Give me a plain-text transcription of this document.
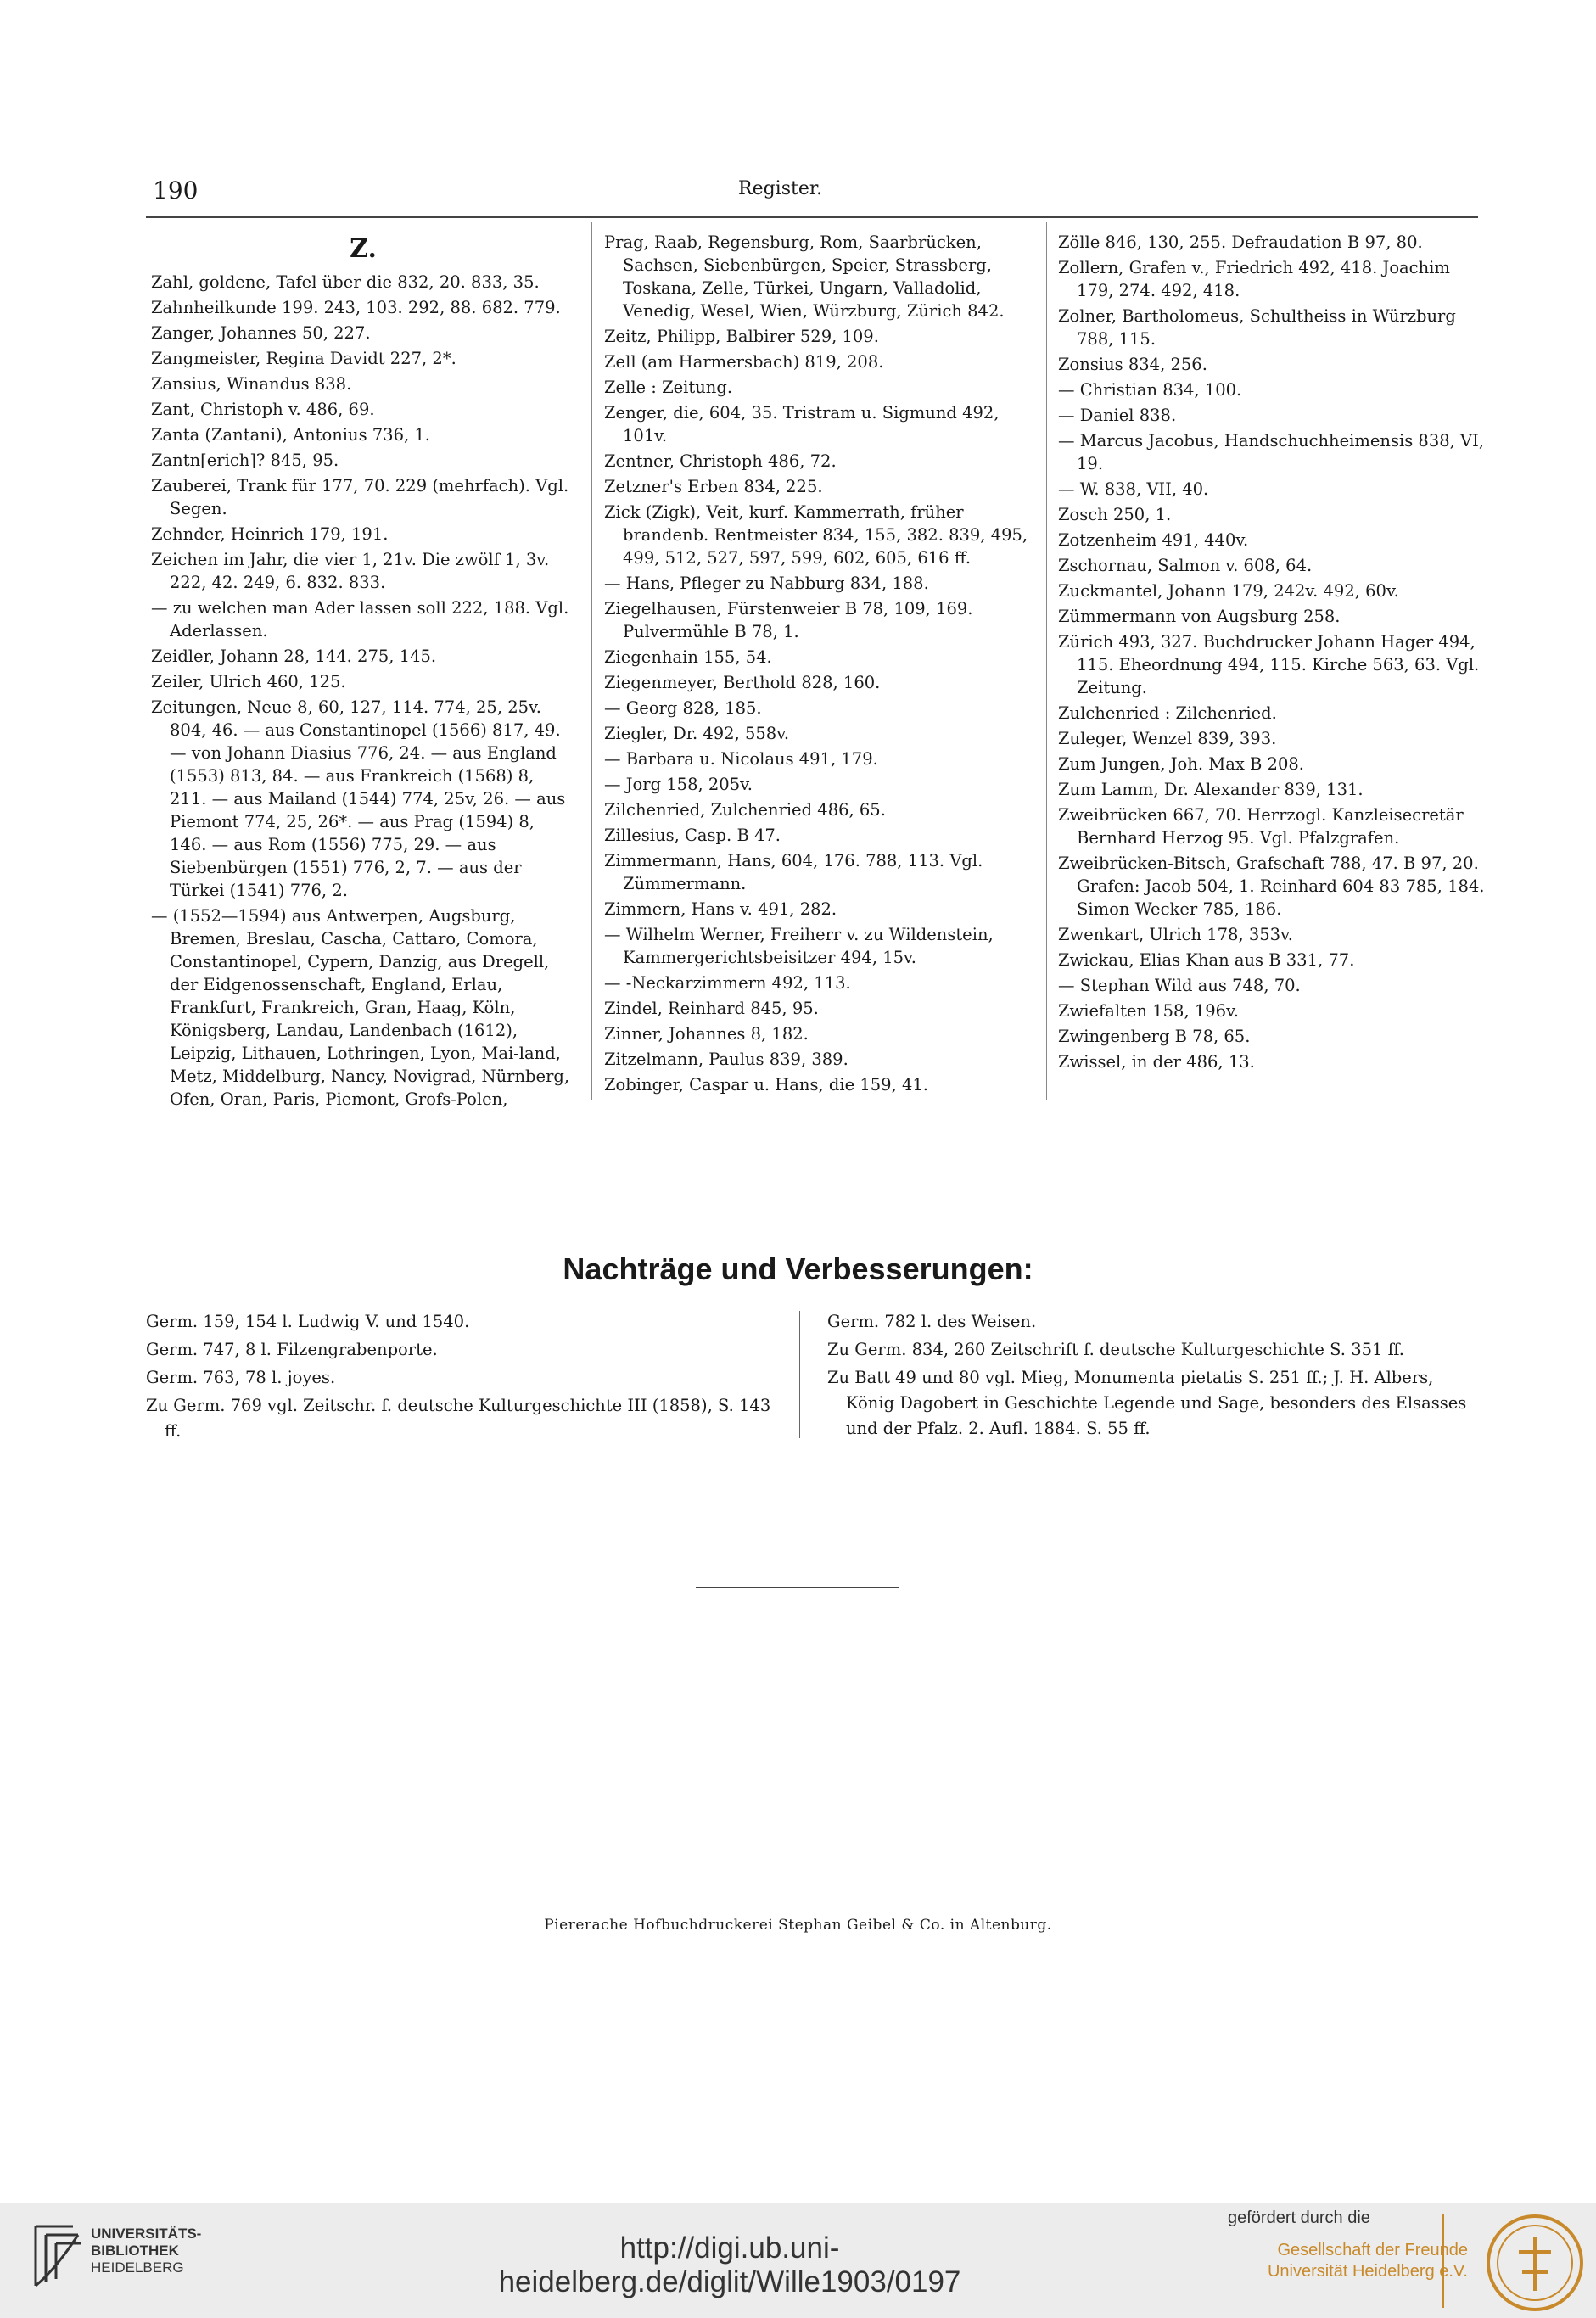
190	Register.
Z.
Zahl, goldene, Tafel über die 832, 20. 833, 35.
Zahnheilkunde 199. 243, 103. 292, 88. 682. 779.
Zanger, Johannes 50, 227.
Zangmeister, Regina Davidt 227, 2*.
Zansius, Winandus 838.
Zant, Christoph v. 486, 69.
Zanta (Zantani), Antonius 736, 1.
Zantn[erich]? 845, 95.
Zauberei, Trank für 177, 70. 229 (mehrfach). Vgl. Segen.
Zehnder, Heinrich 179, 191.
Zeichen im Jahr, die vier 1, 21v. Die zwölf 1, 3v. 222, 42. 249, 6. 832. 833.
— zu welchen man Ader lassen soll 222, 188. Vgl. Aderlassen.
Zeidler, Johann 28, 144. 275, 145.
Zeiler, Ulrich 460, 125.
Zeitungen, Neue 8, 60, 127, 114. 774, 25, 25v. 804, 46. — aus Constantinopel (1566) 817, 49. — von Johann Diasius 776, 24. — aus England (1553) 813, 84. — aus Frankreich (1568) 8, 211. — aus Mailand (1544) 774, 25v, 26. — aus Piemont 774, 25, 26*. — aus Prag (1594) 8, 146. — aus Rom (1556) 775, 29. — aus Siebenbürgen (1551) 776, 2, 7. — aus der Türkei (1541) 776, 2.
— (1552—1594) aus Antwerpen, Augsburg, Bremen, Breslau, Cascha, Cattaro, Comora, Constantinopel, Cypern, Danzig, aus Dregell, der Eidgenossenschaft, England, Erlau, Frankfurt, Frankreich, Gran, Haag, Köln, Königsberg, Landau, Landenbach (1612), Leipzig, Lithauen, Lothringen, Lyon, Mai-land, Metz, Middelburg, Nancy, Novigrad, Nürnberg, Ofen, Oran, Paris, Piemont, Grofs-Polen,
Prag, Raab, Regensburg, Rom, Saarbrücken, Sachsen, Siebenbürgen, Speier, Strassberg, Toskana, Zelle, Türkei, Ungarn, Valladolid, Venedig, Wesel, Wien, Würzburg, Zürich 842.
Zeitz, Philipp, Balbirer 529, 109.
Zell (am Harmersbach) 819, 208.
Zelle : Zeitung.
Zenger, die, 604, 35. Tristram u. Sigmund 492, 101v.
Zentner, Christoph 486, 72.
Zetzner's Erben 834, 225.
Zick (Zigk), Veit, kurf. Kammerrath, früher brandenb. Rentmeister 834, 155, 382. 839, 495, 499, 512, 527, 597, 599, 602, 605, 616 ff.
— Hans, Pfleger zu Nabburg 834, 188.
Ziegelhausen, Fürstenweier B 78, 109, 169. Pulvermühle B 78, 1.
Ziegenhain 155, 54.
Ziegenmeyer, Berthold 828, 160.
— Georg 828, 185.
Ziegler, Dr. 492, 558v.
— Barbara u. Nicolaus 491, 179.
— Jorg 158, 205v.
Zilchenried, Zulchenried 486, 65.
Zillesius, Casp. B 47.
Zimmermann, Hans, 604, 176. 788, 113. Vgl. Zümmermann.
Zimmern, Hans v. 491, 282.
— Wilhelm Werner, Freiherr v. zu Wildenstein, Kammergerichtsbeisitzer 494, 15v.
— -Neckarzimmern 492, 113.
Zindel, Reinhard 845, 95.
Zinner, Johannes 8, 182.
Zitzelmann, Paulus 839, 389.
Zobinger, Caspar u. Hans, die 159, 41.
Zölle 846, 130, 255. Defraudation B 97, 80.
Zollern, Grafen v., Friedrich 492, 418. Joachim 179, 274. 492, 418.
Zolner, Bartholomeus, Schultheiss in Würzburg 788, 115.
Zonsius 834, 256.
— Christian 834, 100.
— Daniel 838.
— Marcus Jacobus, Handschuchheimensis 838, VI, 19.
— W. 838, VII, 40.
Zosch 250, 1.
Zotzenheim 491, 440v.
Zschornau, Salmon v. 608, 64.
Zuckmantel, Johann 179, 242v. 492, 60v.
Zümmermann von Augsburg 258.
Zürich 493, 327. Buchdrucker Johann Hager 494, 115. Eheordnung 494, 115. Kirche 563, 63. Vgl. Zeitung.
Zulchenried : Zilchenried.
Zuleger, Wenzel 839, 393.
Zum Jungen, Joh. Max B 208.
Zum Lamm, Dr. Alexander 839, 131.
Zweibrücken 667, 70. Herrzogl. Kanzleisecretär Bernhard Herzog 95. Vgl. Pfalzgrafen.
Zweibrücken-Bitsch, Grafschaft 788, 47. B 97, 20. Grafen: Jacob 504, 1. Reinhard 604 83 785, 184. Simon Wecker 785, 186.
Zwenkart, Ulrich 178, 353v.
Zwickau, Elias Khan aus B 331, 77.
— Stephan Wild aus 748, 70.
Zwiefalten 158, 196v.
Zwingenberg B 78, 65.
Zwissel, in der 486, 13.
Nachträge und Verbesserungen:
Germ. 159, 154 l. Ludwig V. und 1540.
Germ. 747, 8 l. Filzengrabenporte.
Germ. 763, 78 l. joyes.
Zu Germ. 769 vgl. Zeitschr. f. deutsche Kulturgeschichte III (1858), S. 143 ff.
Germ. 782 l. des Weisen.
Zu Germ. 834, 260 Zeitschrift f. deutsche Kulturgeschichte S. 351 ff.
Zu Batt 49 und 80 vgl. Mieg, Monumenta pietatis S. 251 ff.; J. H. Albers, König Dagobert in Geschichte Legende und Sage, besonders des Elsasses und der Pfalz. 2. Aufl. 1884. S. 55 ff.
Piererache Hofbuchdruckerei Stephan Geibel & Co. in Altenburg.
UNIVERSITÄTS-
BIBLIOTHEK
HEIDELBERG
http://digi.ub.uni-heidelberg.de/diglit/Wille1903/0197
gefördert durch die
Gesellschaft der Freunde
Universität Heidelberg e.V.
